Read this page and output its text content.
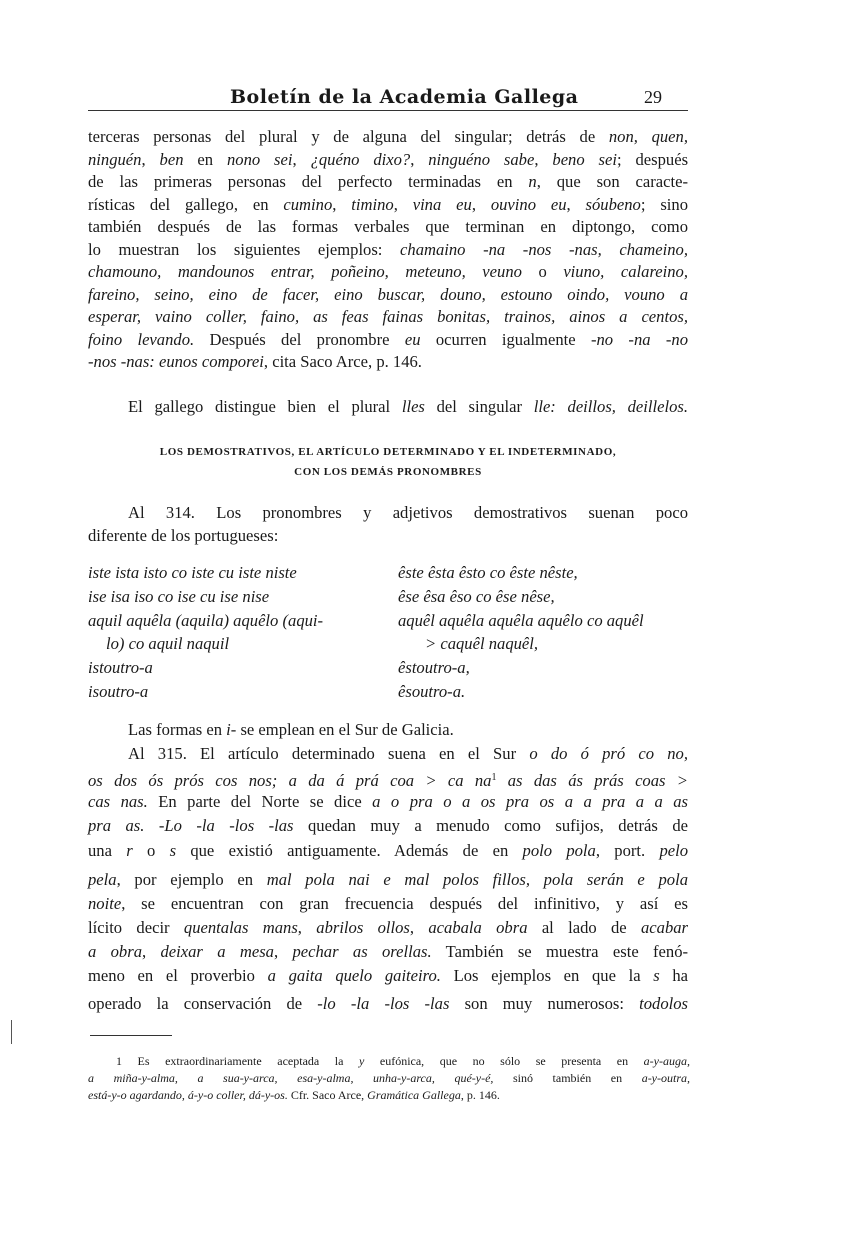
Boletín de la Academia Gallega	29
terceras personas del plural y de alguna del singular; detrás de non, quen,
ninguén, ben en nono sei, ¿quéno dixo?, ninguéno sabe, beno sei; después
de las primeras personas del perfecto terminadas en n, que son caracte-
rísticas del gallego, en cumino, timino, vina eu, ouvino eu, sóubeno; sino
también después de las formas verbales que terminan en diptongo, como
lo muestran los siguientes ejemplos: chamaino -na -nos -nas, chameino,
chamouno, mandounos entrar, poñeino, meteuno, veuno o viuno, calareino,
fareino, seino, eino de facer, eino buscar, douno, estouno oindo, vouno a
esperar, vaino coller, faino, as feas fainas bonitas, trainos, ainos a centos,
foino levando. Después del pronombre eu ocurren igualmente -no -na -no
-nos -nas: eunos comporei, cita Saco Arce, p. 146.
El gallego distingue bien el plural lles del singular lle: deillos, deillelos.
LOS DEMOSTRATIVOS, EL ARTÍCULO DETERMINADO Y EL INDETERMINADO,
CON LOS DEMÁS PRONOMBRES
Al 314. Los pronombres y adjetivos demostrativos suenan poco
diferente de los portugueses:
iste ista isto co iste cu iste niste
ise isa iso co ise cu ise nise
aquil aquêla (aquila) aquêlo (aqui-
lo) co aquil naquil
istoutro-a
isoutro-a
êste êsta êsto co êste nêste,
êse êsa êso co êse nêse,
aquêl aquêla aquêla aquêlo co aquêl
> caquêl naquêl,
êstoutro-a,
êsoutro-a.
Las formas en i- se emplean en el Sur de Galicia.
Al 315. El artículo determinado suena en el Sur o do ó pró co no,
os dos ós prós cos nos; a da á prá coa > ca $na^1$ as das ás prás coas >
cas nas. En parte del Norte se dice a o pra o a os pra os a a pra a a as
pra as. -Lo -la -los -las quedan muy a menudo como sufijos, detrás de
una r o s que existió antiguamente. Además de en polo pola, port. pelo
pela, por ejemplo en mal pola nai e mal polos fillos, pola serán e pola
noite, se encuentran con gran frecuencia después del infinitivo, y así es
lícito decir quentalas mans, abrilos ollos, acabala obra al lado de acabar
a obra, deixar a mesa, pechar as orellas. También se muestra este fenó-
meno en el proverbio a gaita quelo gaiteiro. Los ejemplos en que la s ha
operado la conservación de -lo -la -los -las son muy numerosos: todolos
1 Es extraordinariamente aceptada la y eufónica, que no sólo se presenta en a-y-auga,
a miña-y-alma, a sua-y-arca, esa-y-alma, unha-y-arca, qué-y-é, sinó también en a-y-outra,
está-y-o agardando, á-y-o coller, dá-y-os. Cfr. Saco Arce, Gramática Gallega, p. 146.
